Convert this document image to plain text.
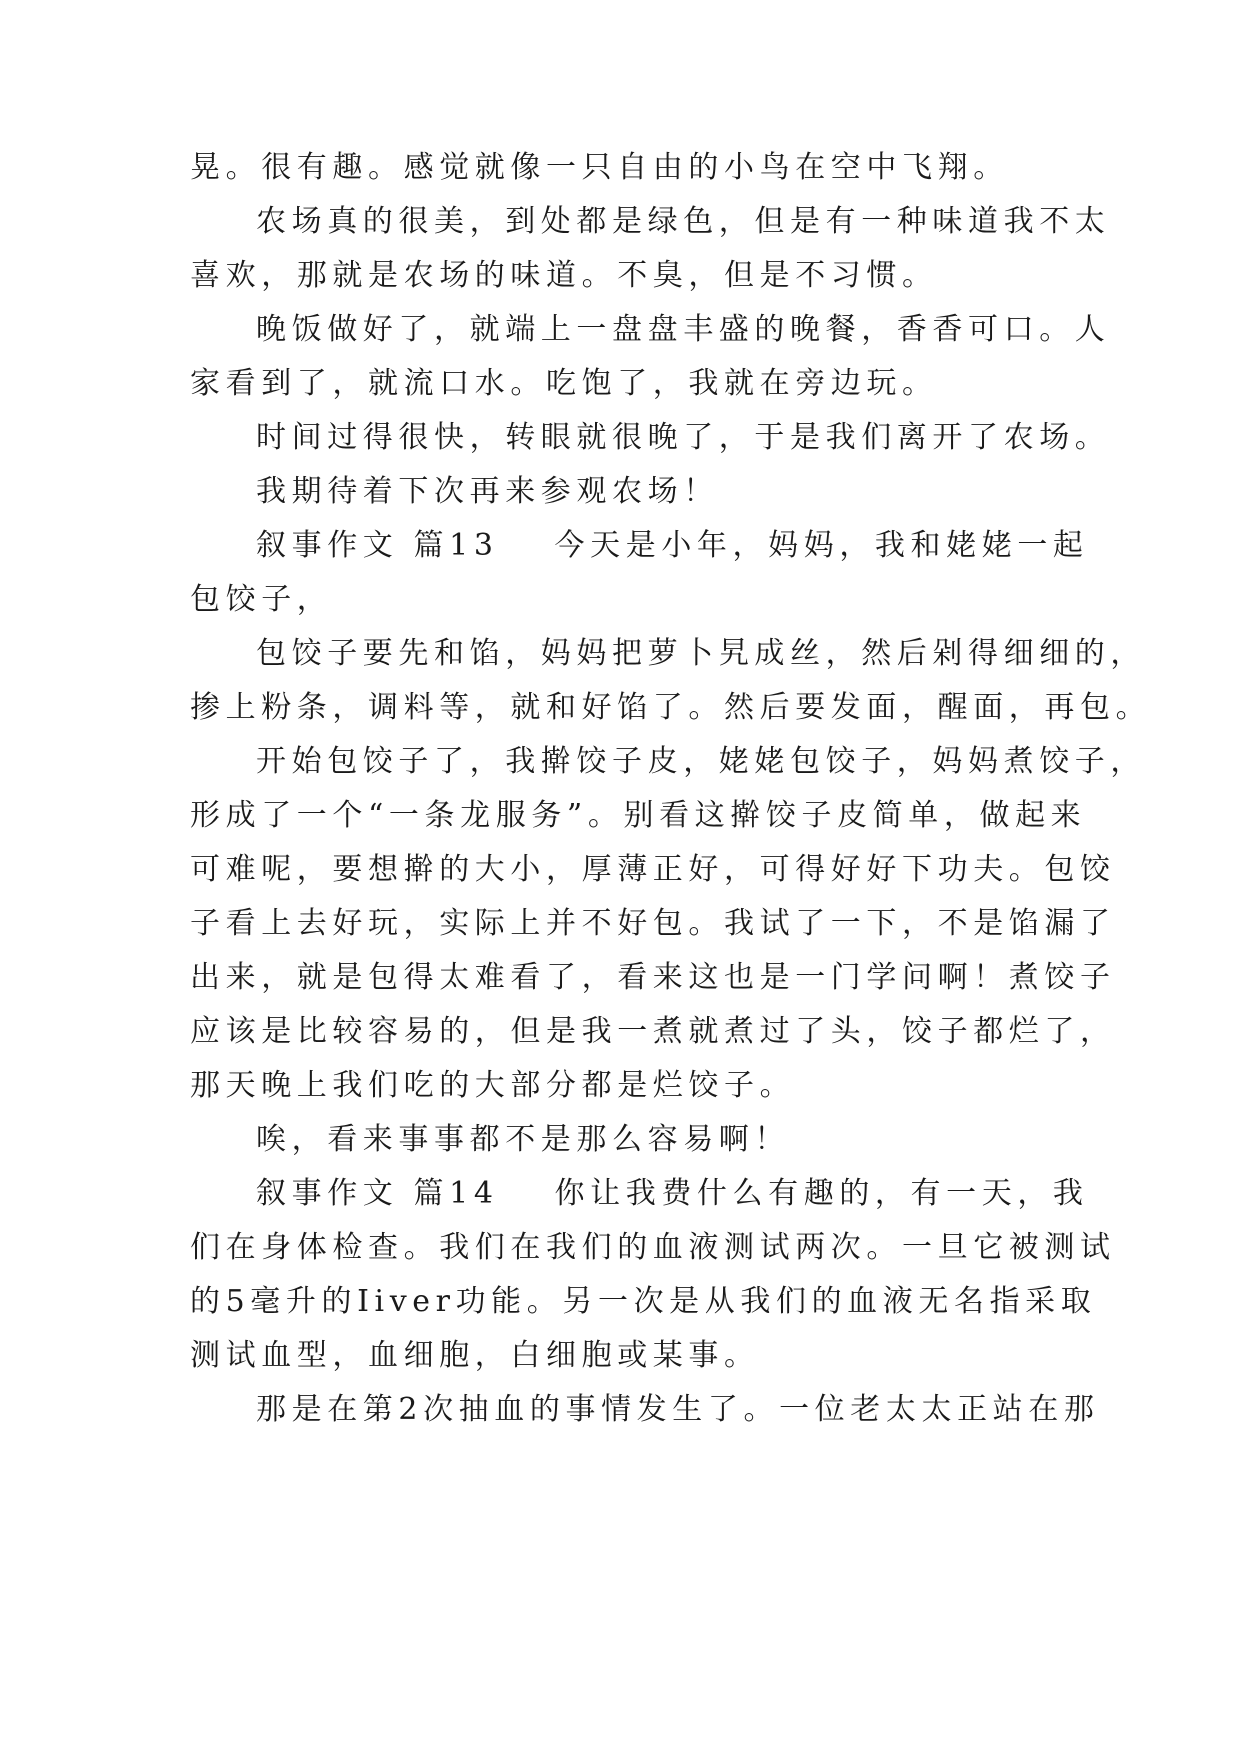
晃。很有趣。感觉就像一只自由的小鸟在空中飞翔。
农场真的很美，到处都是绿色，但是有一种味道我不太
喜欢，那就是农场的味道。不臭，但是不习惯。
晚饭做好了，就端上一盘盘丰盛的晚餐，香香可口。人
家看到了，就流口水。吃饱了，我就在旁边玩。
时间过得很快，转眼就很晚了，于是我们离开了农场。
我期待着下次再来参观农场！
叙事作文 篇13 今天是小年，妈妈，我和姥姥一起
包饺子，
包饺子要先和馅，妈妈把萝卜旯成丝，然后剁得细细的，
掺上粉条，调料等，就和好馅了。然后要发面，醒面，再包。
开始包饺子了，我擀饺子皮，姥姥包饺子，妈妈煮饺子，
形成了一个“一条龙服务”。别看这擀饺子皮简单，做起来
可难呢，要想擀的大小，厚薄正好，可得好好下功夫。包饺
子看上去好玩，实际上并不好包。我试了一下，不是馅漏了
出来，就是包得太难看了，看来这也是一门学问啊！煮饺子
应该是比较容易的，但是我一煮就煮过了头，饺子都烂了，
那天晚上我们吃的大部分都是烂饺子。
唉，看来事事都不是那么容易啊！
叙事作文 篇14 你让我费什么有趣的，有一天，我
们在身体检查。我们在我们的血液测试两次。一旦它被测试
的5毫升的Iiver功能。另一次是从我们的血液无名指采取
测试血型，血细胞，白细胞或某事。
那是在第2次抽血的事情发生了。一位老太太正站在那
